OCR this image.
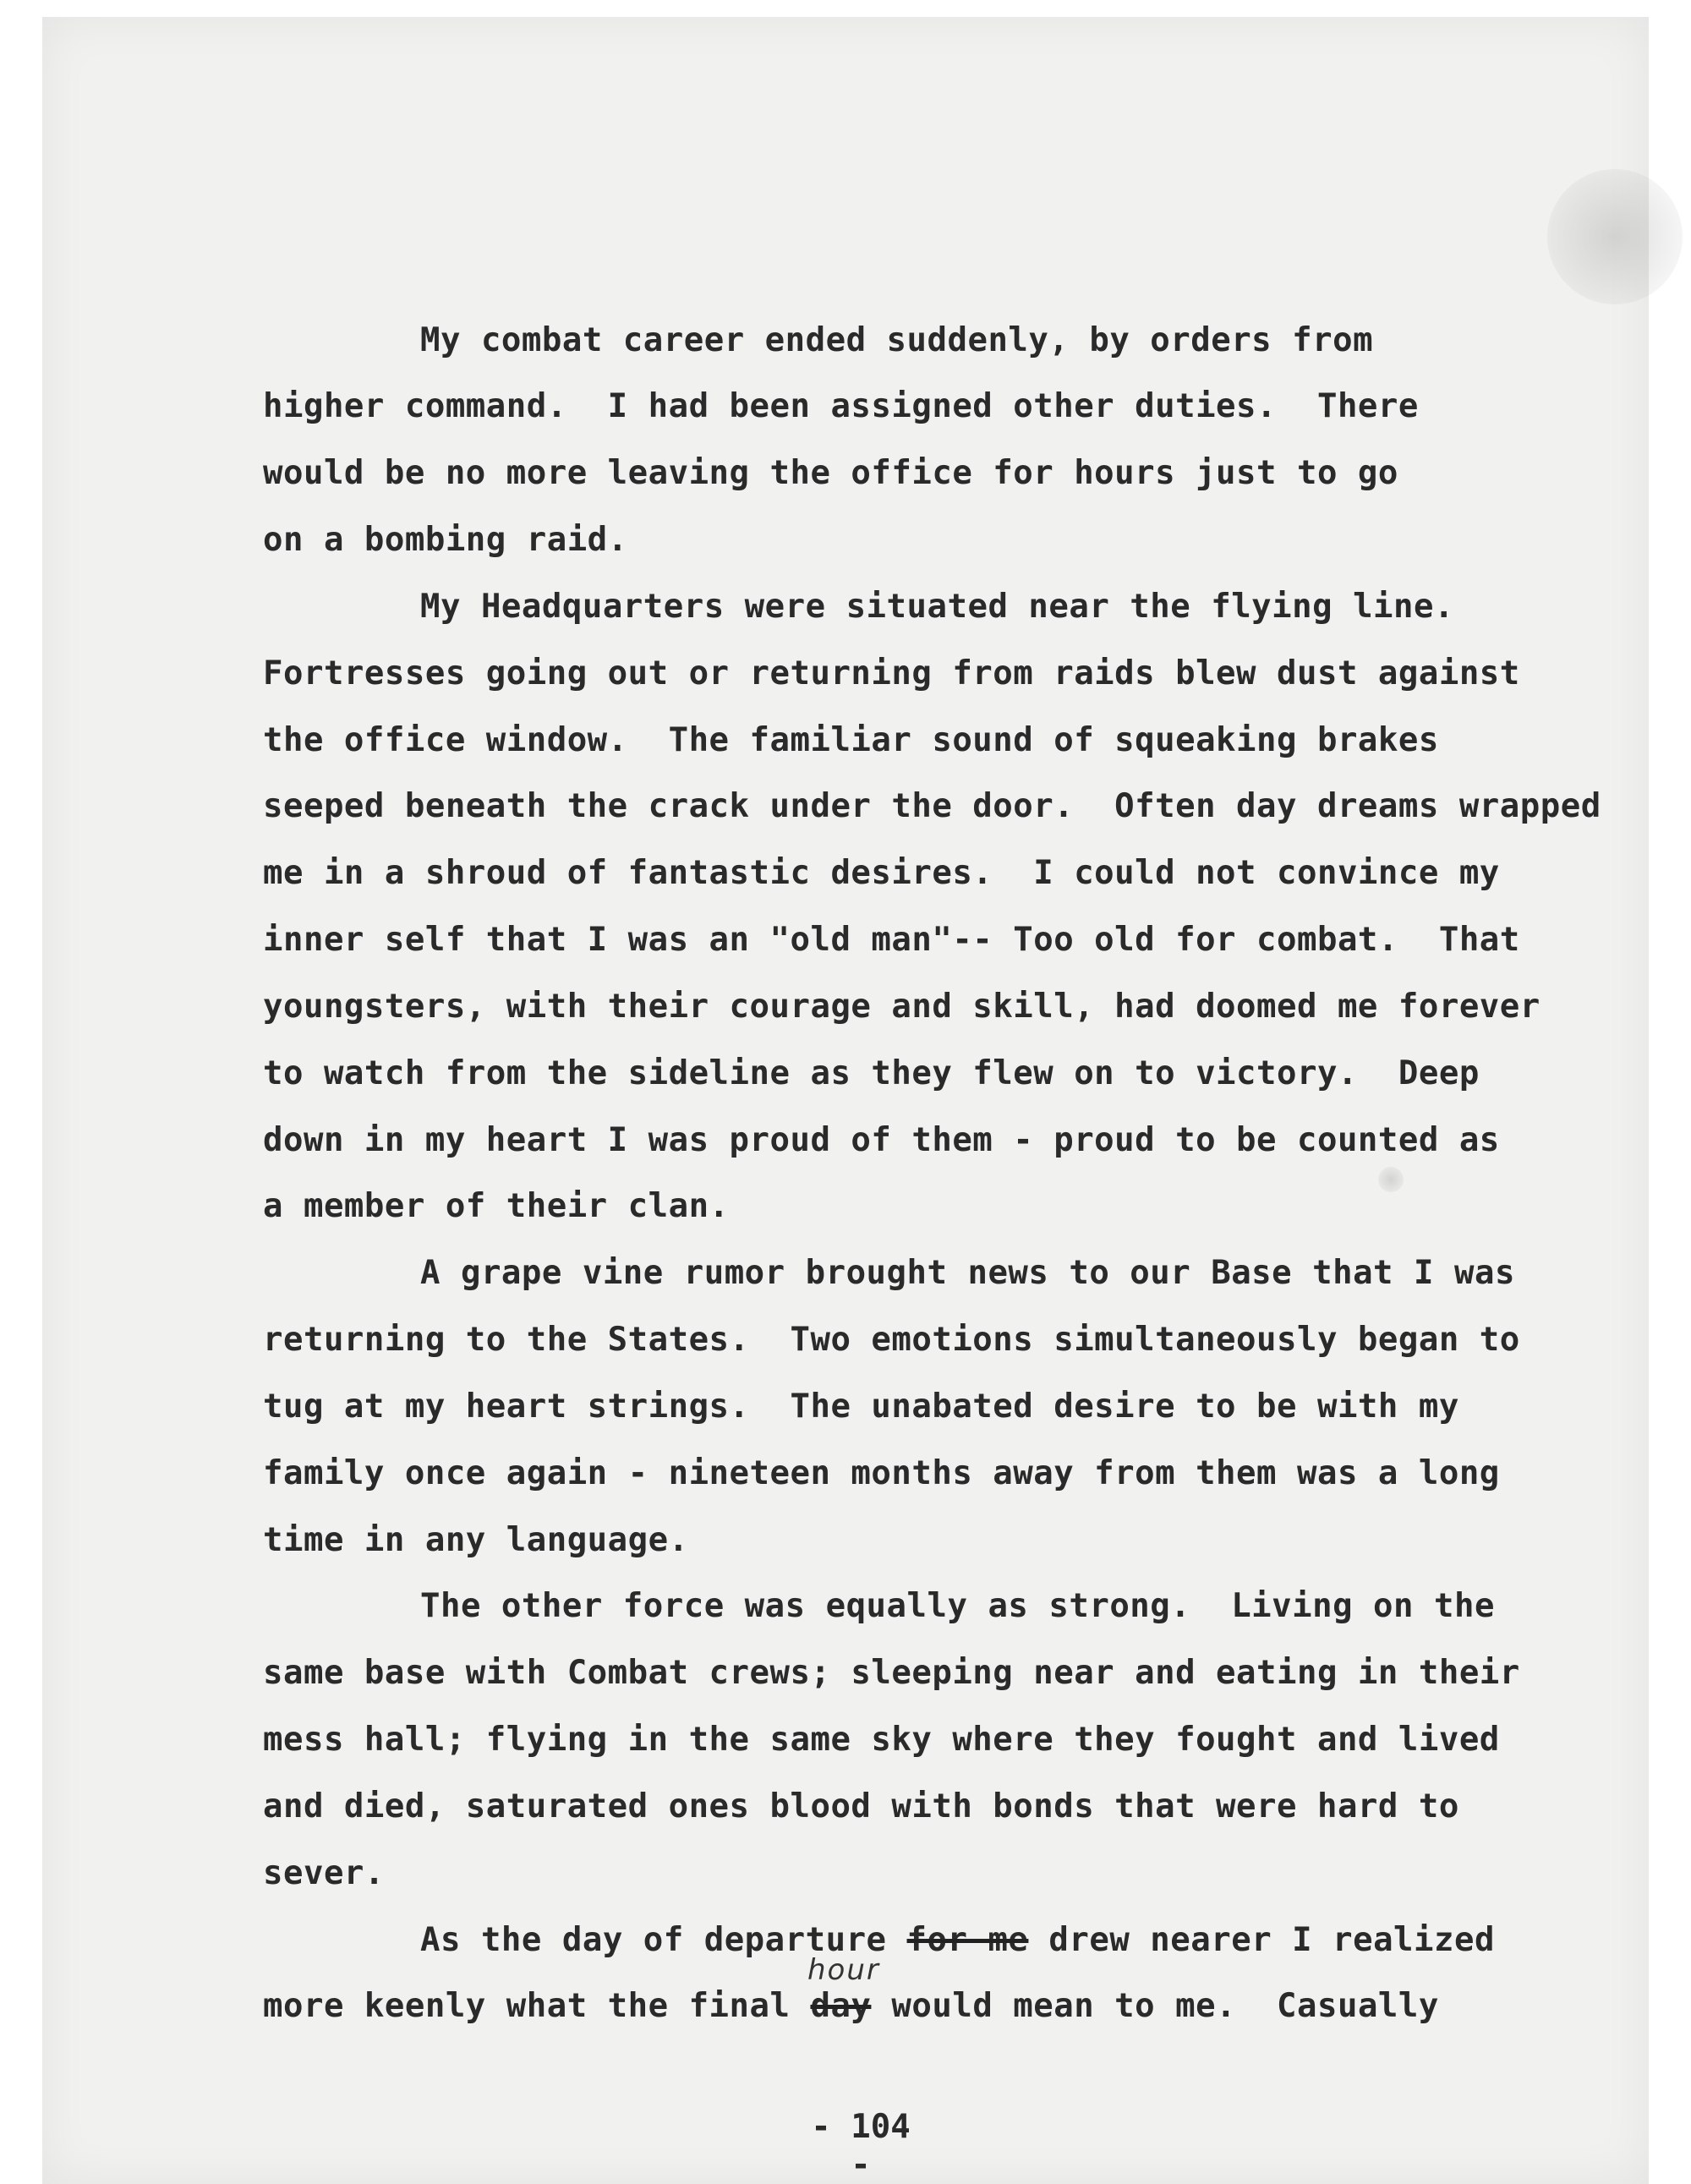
My combat career ended suddenly, by orders from
higher command.  I had been assigned other duties.  There
would be no more leaving the office for hours just to go
on a bombing raid.
My Headquarters were situated near the flying line.
Fortresses going out or returning from raids blew dust against
the office window.  The familiar sound of squeaking brakes
seeped beneath the crack under the door.  Often day dreams wrapped
me in a shroud of fantastic desires.  I could not convince my
inner self that I was an "old man"-- Too old for combat.  That
youngsters, with their courage and skill, had doomed me forever
to watch from the sideline as they flew on to victory.  Deep
down in my heart I was proud of them - proud to be counted as
a member of their clan.
A grape vine rumor brought news to our Base that I was
returning to the States.  Two emotions simultaneously began to
tug at my heart strings.  The unabated desire to be with my
family once again - nineteen months away from them was a long
time in any language.
The other force was equally as strong.  Living on the
same base with Combat crews; sleeping near and eating in their
mess hall; flying in the same sky where they fought and lived
and died, saturated ones blood with bonds that were hard to
sever.
As the day of departure for me drew nearer I realized
more keenly what the final day would mean to me.  Casually
hour
- 104 -
